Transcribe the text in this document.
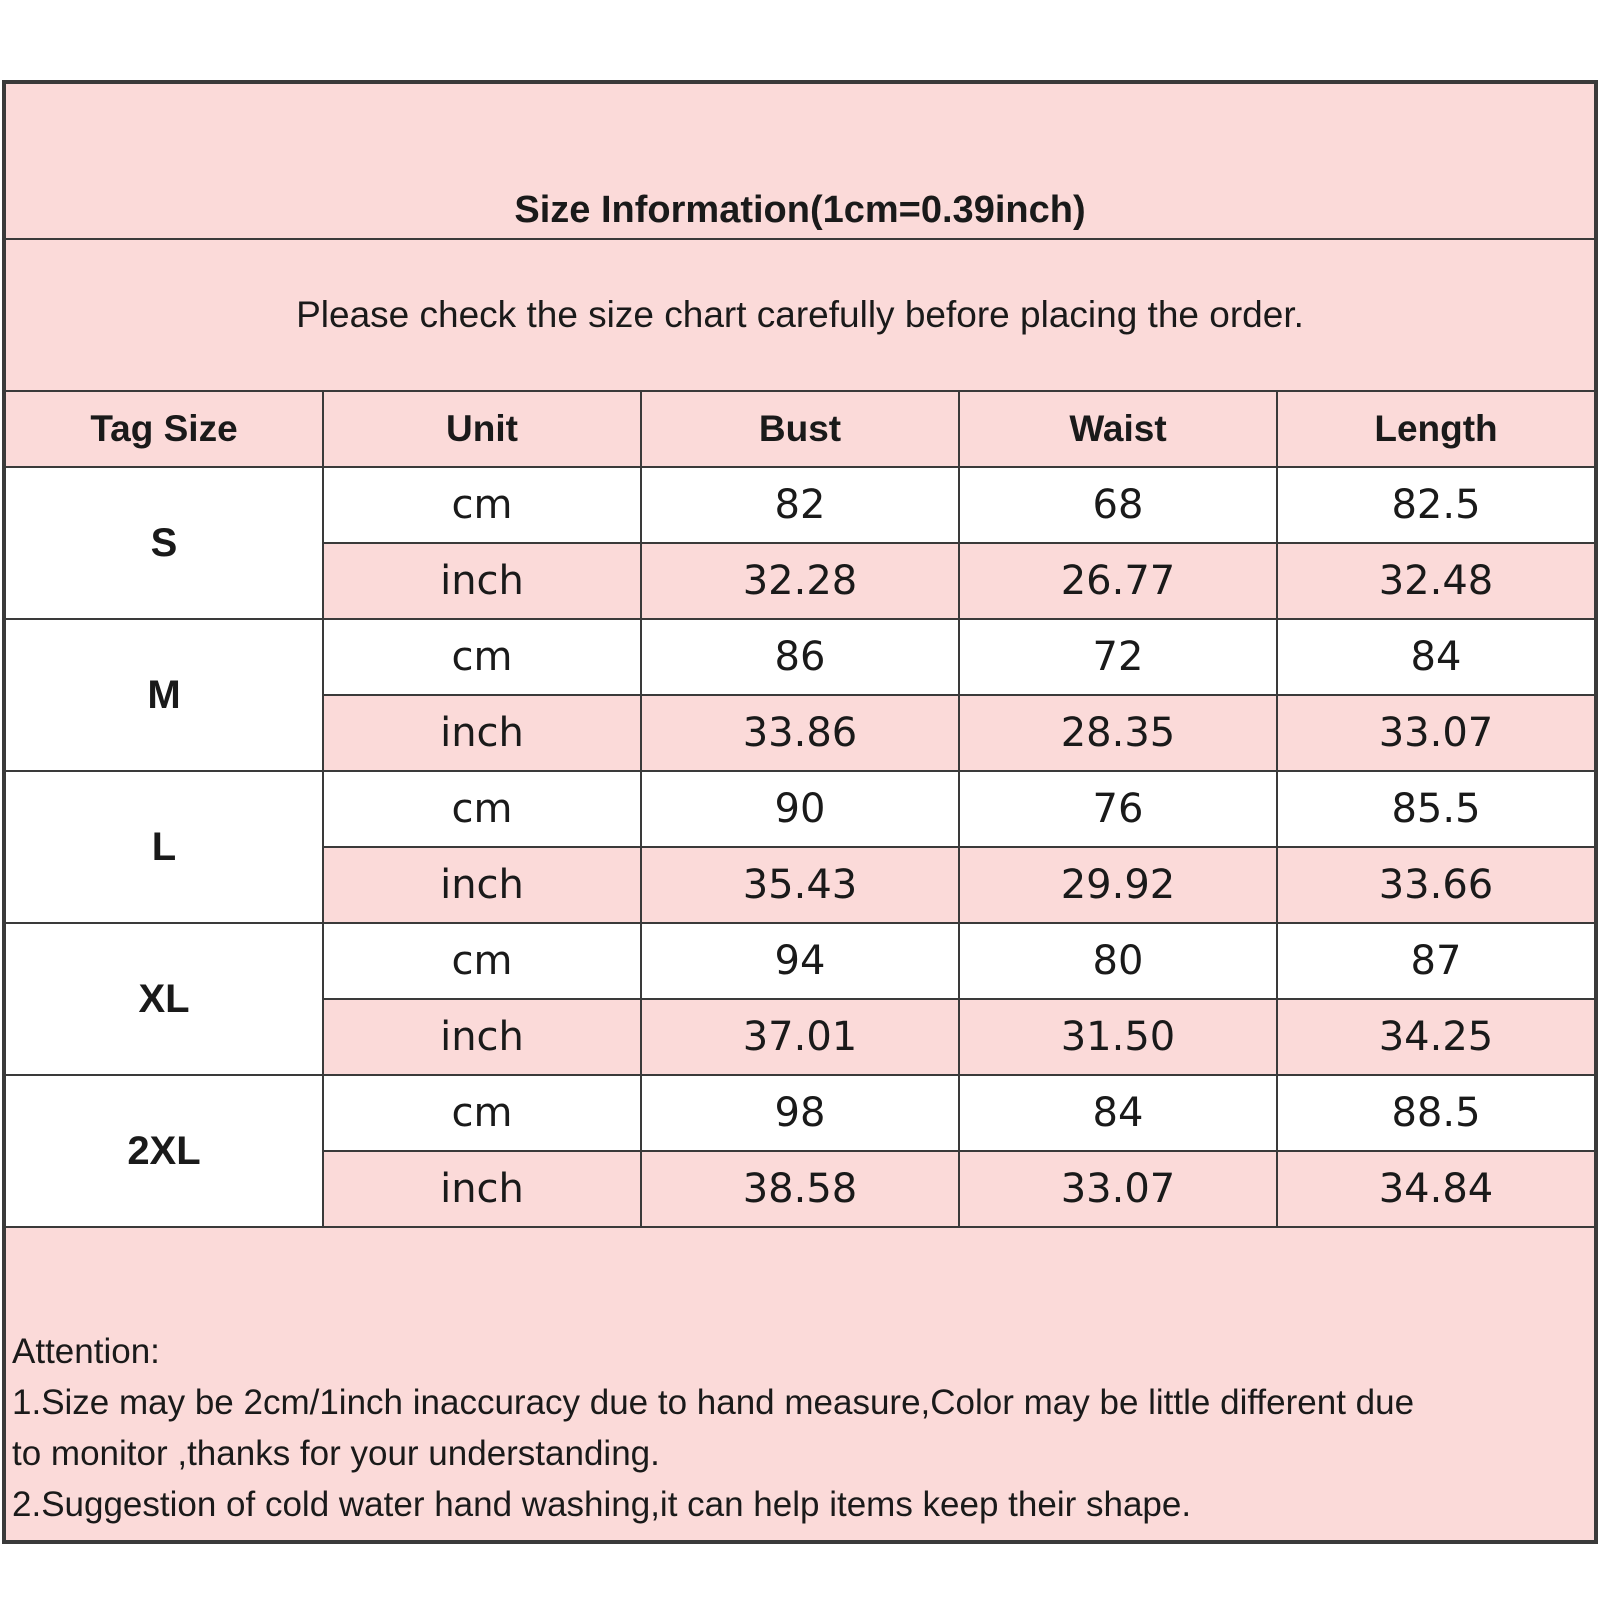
Size Information(1cm=0.39inch)				
Please check the size chart carefully before placing the order.				
Tag Size	Unit	Bust	Waist	Length
S	cm	82	68	82.5
	inch	32.28	26.77	32.48
M	cm	86	72	84
	inch	33.86	28.35	33.07
L	cm	90	76	85.5
	inch	35.43	29.92	33.66
XL	cm	94	80	87
	inch	37.01	31.50	34.25
2XL	cm	98	84	88.5
	inch	38.58	33.07	34.84

Attention:
1.Size may be 2cm/1inch inaccuracy due to hand measure,Color may be little different due
to monitor ,thanks for your understanding.
2.Suggestion of cold water hand washing,it can help items keep their shape.				
